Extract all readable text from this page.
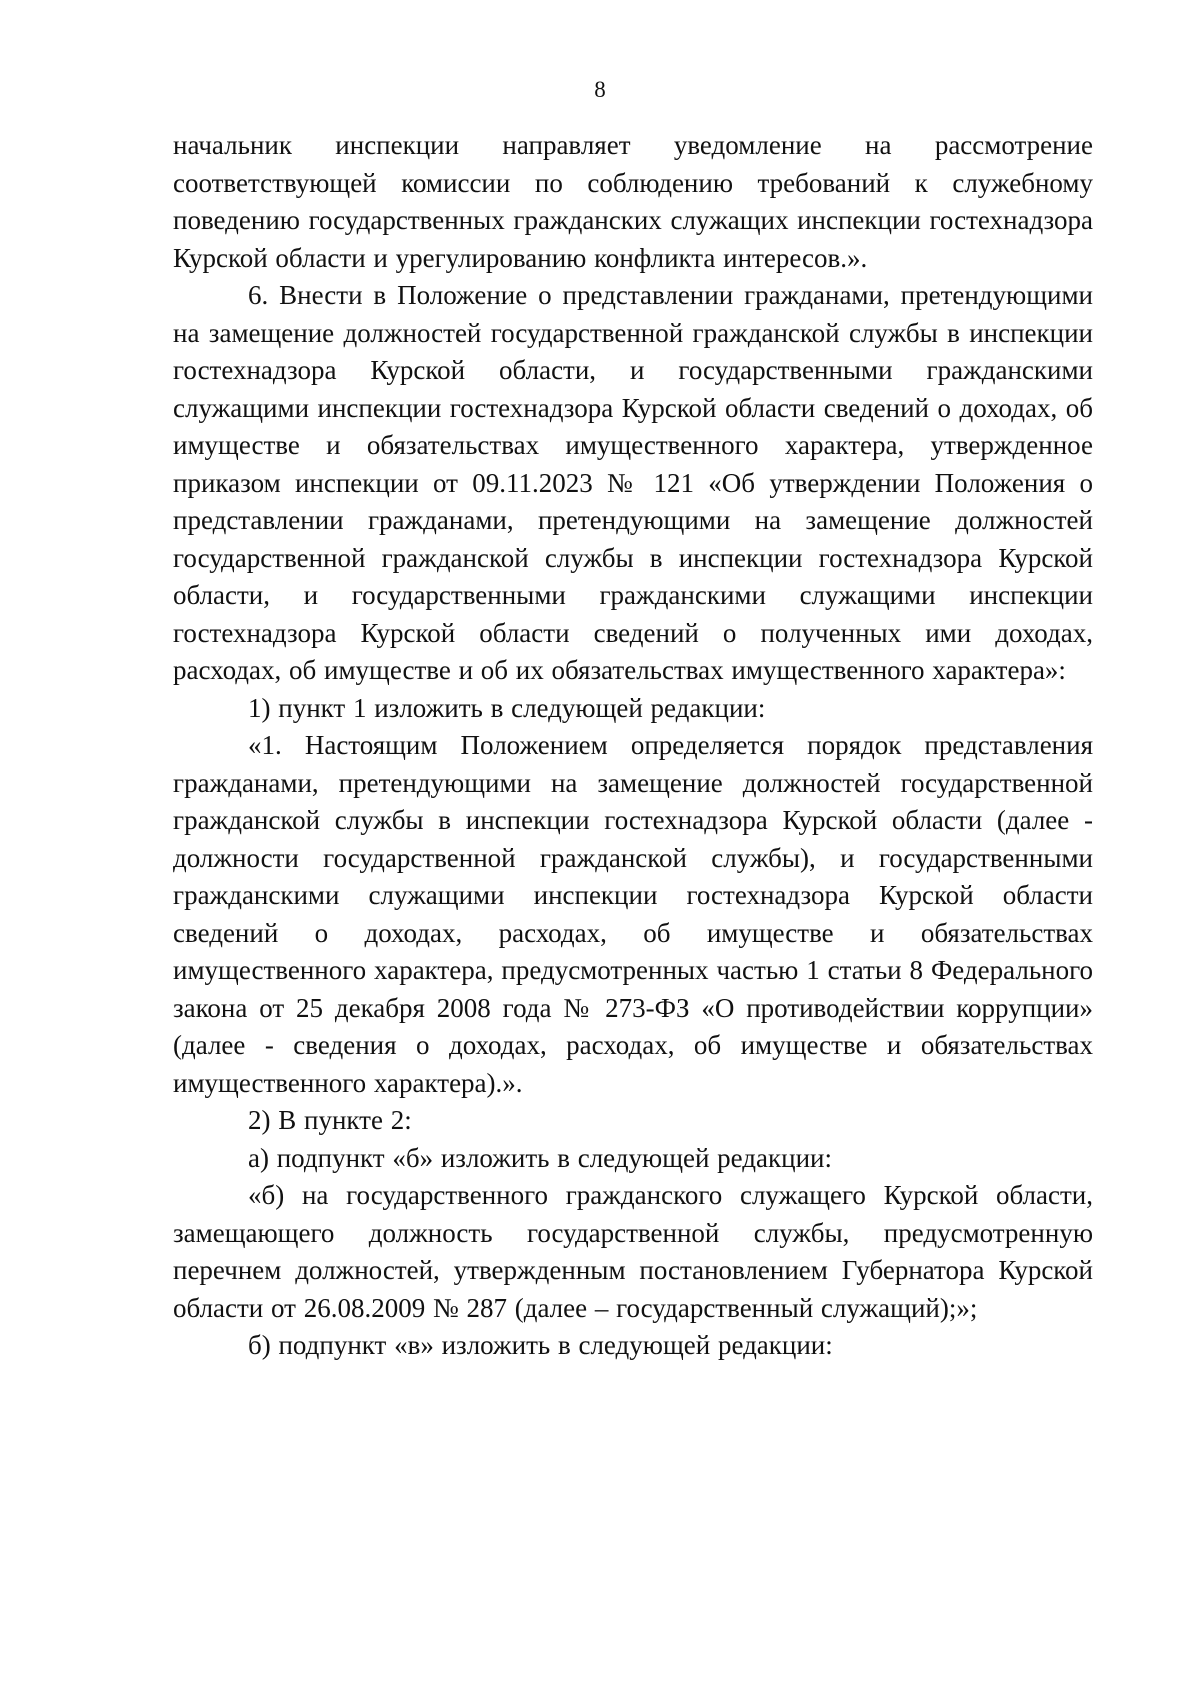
8

начальник инспекции направляет уведомление на рассмотрение соответствующей комиссии по соблюдению требований к служебному поведению государственных гражданских служащих инспекции гостехнадзора Курской области и урегулированию конфликта интересов.».

6. Внести в Положение о представлении гражданами, претендующими на замещение должностей государственной гражданской службы в инспекции гостехнадзора Курской области, и государственными гражданскими служащими инспекции гостехнадзора Курской области сведений о доходах, об имуществе и обязательствах имущественного характера, утвержденное приказом инспекции от 09.11.2023 № 121 «Об утверждении Положения о представлении гражданами, претендующими на замещение должностей государственной гражданской службы в инспекции гостехнадзора Курской области, и государственными гражданскими служащими инспекции гостехнадзора Курской области сведений о полученных ими доходах, расходах, об имуществе и об их обязательствах имущественного характера»:

1) пункт 1 изложить в следующей редакции:

«1. Настоящим Положением определяется порядок представления гражданами, претендующими на замещение должностей государственной гражданской службы в инспекции гостехнадзора Курской области (далее - должности государственной гражданской службы), и государственными гражданскими служащими инспекции гостехнадзора Курской области сведений о доходах, расходах, об имуществе и обязательствах имущественного характера, предусмотренных частью 1 статьи 8 Федерального закона от 25 декабря 2008 года № 273-ФЗ «О противодействии коррупции» (далее - сведения о доходах, расходах, об имуществе и обязательствах имущественного характера).».

2) В пункте 2:

а) подпункт «б» изложить в следующей редакции:

«б) на государственного гражданского служащего Курской области, замещающего должность государственной службы, предусмотренную перечнем должностей, утвержденным постановлением Губернатора Курской области от 26.08.2009 № 287 (далее – государственный служащий);»;

б) подпункт «в» изложить в следующей редакции:
